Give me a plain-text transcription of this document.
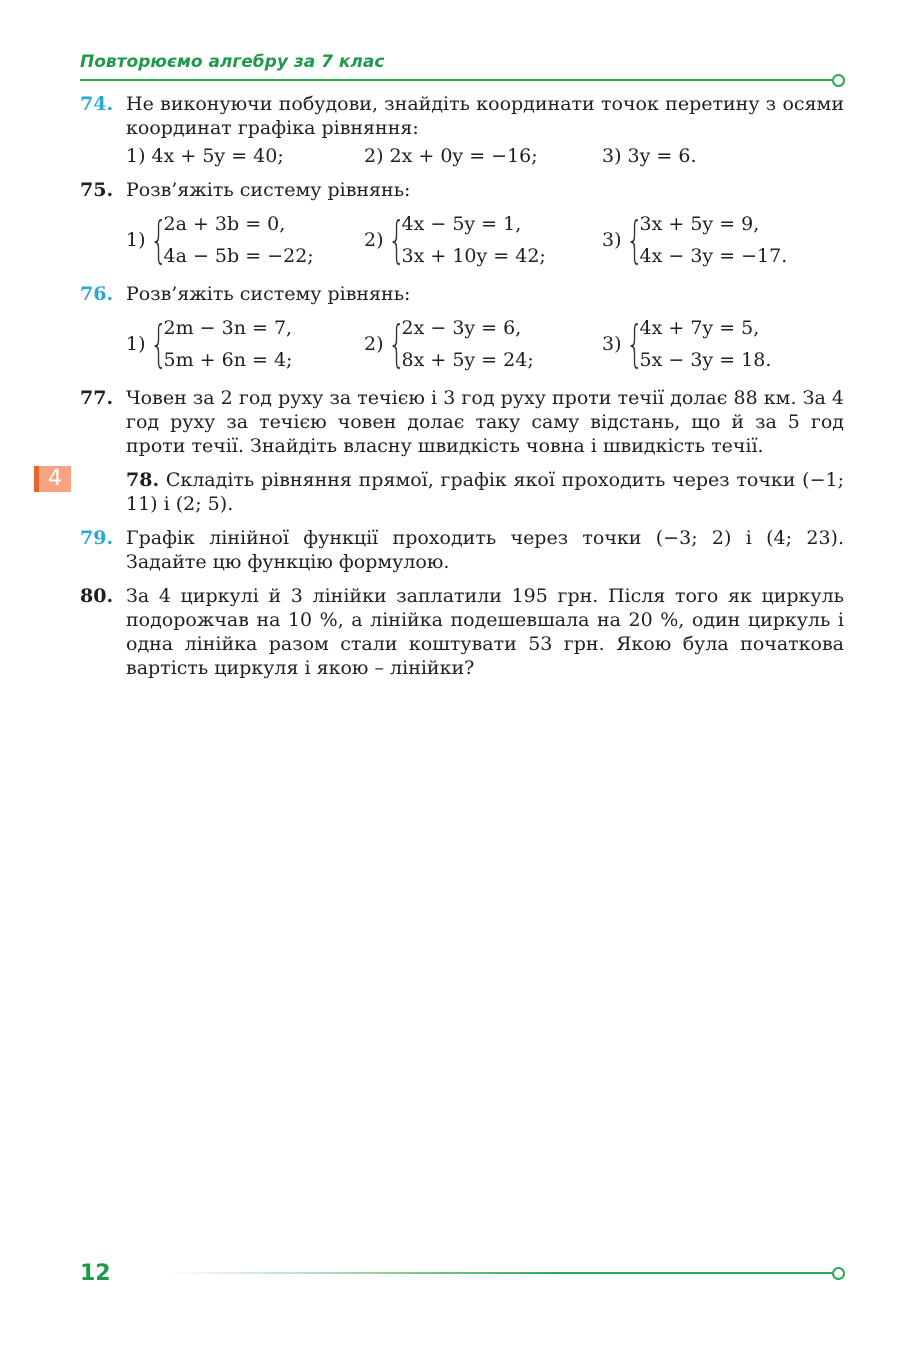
Повторюємо алгебру за 7 клас
74. Не виконуючи побудови, знайдіть координати точок перетину з осями координат графіка рівняння:
1) 4x + 5y = 40;	2) 2x + 0y = −16;	3) 3y = 6.
75. Розв’яжіть систему рівнянь:
1) {
2a + 3b = 0,
4a − 5b = −22;
2) {
4x − 5y = 1,
3x + 10y = 42;
3) {
3x + 5y = 9,
4x − 3y = −17.
76. Розв’яжіть систему рівнянь:
1) {
2m − 3n = 7,
5m + 6n = 4;
2) {
2x − 3y = 6,
8x + 5y = 24;
3) {
4x + 7y = 5,
5x − 3y = 18.
77. Човен за 2 год руху за течією і 3 год руху проти течії долає 88 км. За 4 год руху за течією човен долає таку саму відстань, що й за 5 год проти течії. Знайдіть власну швидкість човна і швидкість течії.
4	78. Складіть рівняння прямої, графік якої проходить через точки (−1; 11) і (2; 5).
79. Графік лінійної функції проходить через точки (−3; 2) і (4; 23). Задайте цю функцію формулою.
80. За 4 циркулі й 3 лінійки заплатили 195 грн. Після того як циркуль подорожчав на 10 %, а лінійка подешевшала на 20 %, один циркуль і одна лінійка разом стали коштувати 53 грн. Якою була початкова вартість циркуля і якою – лінійки?
12
